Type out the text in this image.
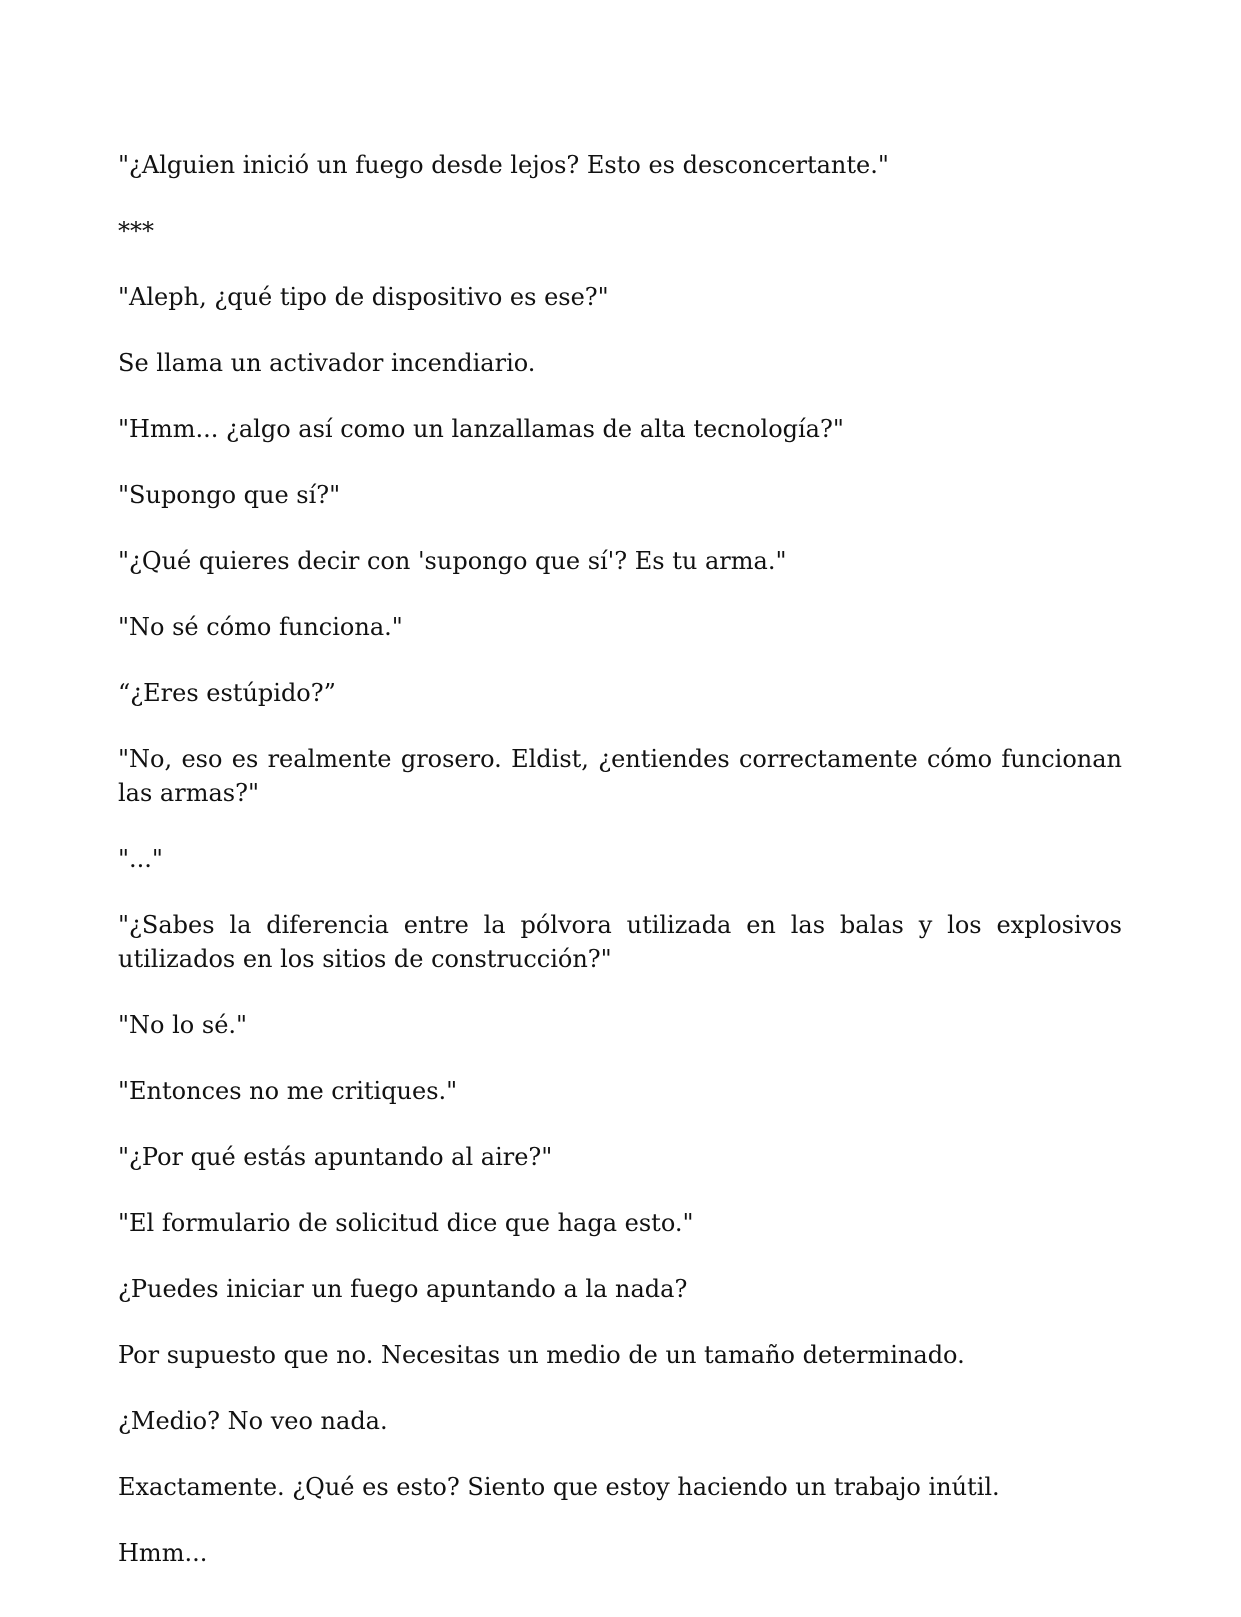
"¿Alguien inició un fuego desde lejos? Esto es desconcertante."

***

"Aleph, ¿qué tipo de dispositivo es ese?"

Se llama un activador incendiario.

"Hmm... ¿algo así como un lanzallamas de alta tecnología?"

"Supongo que sí?"

"¿Qué quieres decir con 'supongo que sí'? Es tu arma."

"No sé cómo funciona."

“¿Eres estúpido?”

"No, eso es realmente grosero. Eldist, ¿entiendes correctamente cómo funcionan las armas?"

"..."

"¿Sabes la diferencia entre la pólvora utilizada en las balas y los explosivos utilizados en los sitios de construcción?"

"No lo sé."

"Entonces no me critiques."

"¿Por qué estás apuntando al aire?"

"El formulario de solicitud dice que haga esto."

¿Puedes iniciar un fuego apuntando a la nada?

Por supuesto que no. Necesitas un medio de un tamaño determinado.

¿Medio? No veo nada.

Exactamente. ¿Qué es esto? Siento que estoy haciendo un trabajo inútil.

Hmm...
